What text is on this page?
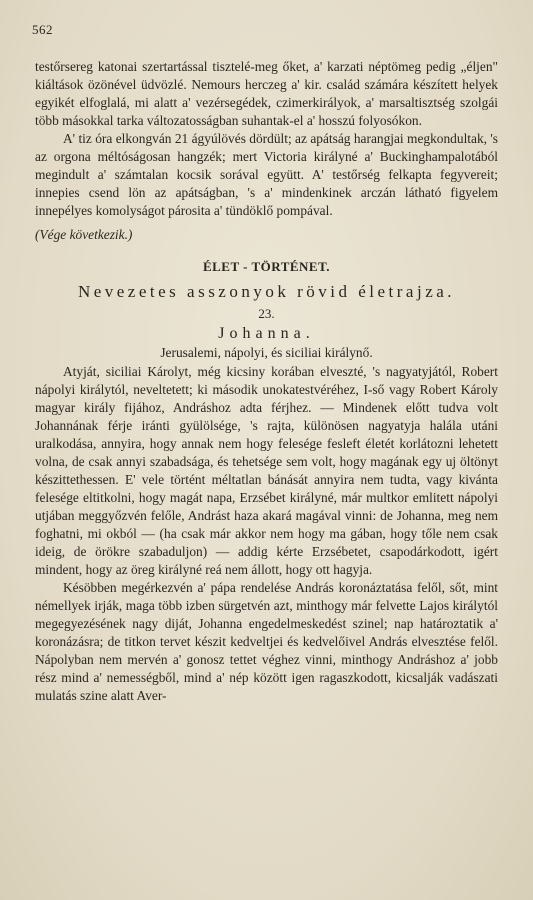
562

testőrsereg katonai szertartással tisztelé-meg őket, a' karzati néptömeg pedig „éljen" kiáltások özönével üdvözlé. Nemours herczeg a' kir. család számára készített helyek egyikét elfoglalá, mi alatt a' vezérsegédek, czimerkirályok, a' marsaltisztség szolgái több másokkal tarka változatosságban suhantak-el a' hosszú folyosókon.

A' tiz óra elkongván 21 ágyúlövés dördült; az apátság harangjai megkondultak, 's az orgona méltóságosan hangzék; mert Victoria királyné a' Buckinghampalotából megindult a' számtalan kocsik sorával együtt. A' testőrség felkapta fegyvereit; innepies csend lön az apátságban, 's a' mindenkinek arczán látható figyelem innepélyes komolyságot párosita a' tündöklő pompával.

(Vége következik.)

ÉLET - TÖRTÉNET.

Nevezetes asszonyok rövid életrajza.

23.

Johanna.

Jerusalemi, nápolyi, és siciliai királynő.

Atyját, siciliai Károlyt, még kicsiny korában elveszté, 's nagyatyjától, Robert nápolyi királytól, neveltetett; ki második unokatestvéréhez, I-ső vagy Robert Károly magyar király fijához, Andráshoz adta férjhez. — Mindenek előtt tudva volt Johannának férje iránti gyülölsége, 's rajta, különösen nagyatyja halála utáni uralkodása, annyira, hogy annak nem hogy felesége fesleft életét korlátozni lehetett volna, de csak annyi szabadsága, és tehetsége sem volt, hogy magának egy uj öltönyt készittethessen. E' vele történt méltatlan bánását annyira nem tudta, vagy kivánta felesége eltitkolni, hogy magát napa, Erzsébet királyné, már multkor emlitett nápolyi utjában meggyőzvén felőle, Andrást haza akará magával vinni: de Johanna, meg nem foghatni, mi okból — (ha csak már akkor nem hogy ma gában, hogy tőle nem csak ideig, de örökre szabaduljon) — addig kérte Erzsébetet, csapodárkodott, igért mindent, hogy az öreg királyné reá nem állott, hogy ott hagyja.

Késöbben megérkezvén a' pápa rendelése András koronáztatása felől, sőt, mint némellyek irják, maga több izben sürgetvén azt, minthogy már felvette Lajos királytól megegyezésének nagy diját, Johanna engedelmeskedést szinel; nap határoztatik a' koronázásra; de titkon tervet készit kedveltjei és kedvelőivel András elvesztése felől. Nápolyban nem mervén a' gonosz tettet véghez vinni, minthogy Andráshoz a' jobb rész mind a' nemességből, mind a' nép között igen ragaszkodott, kicsalják vadászati mulatás szine alatt Aver-
